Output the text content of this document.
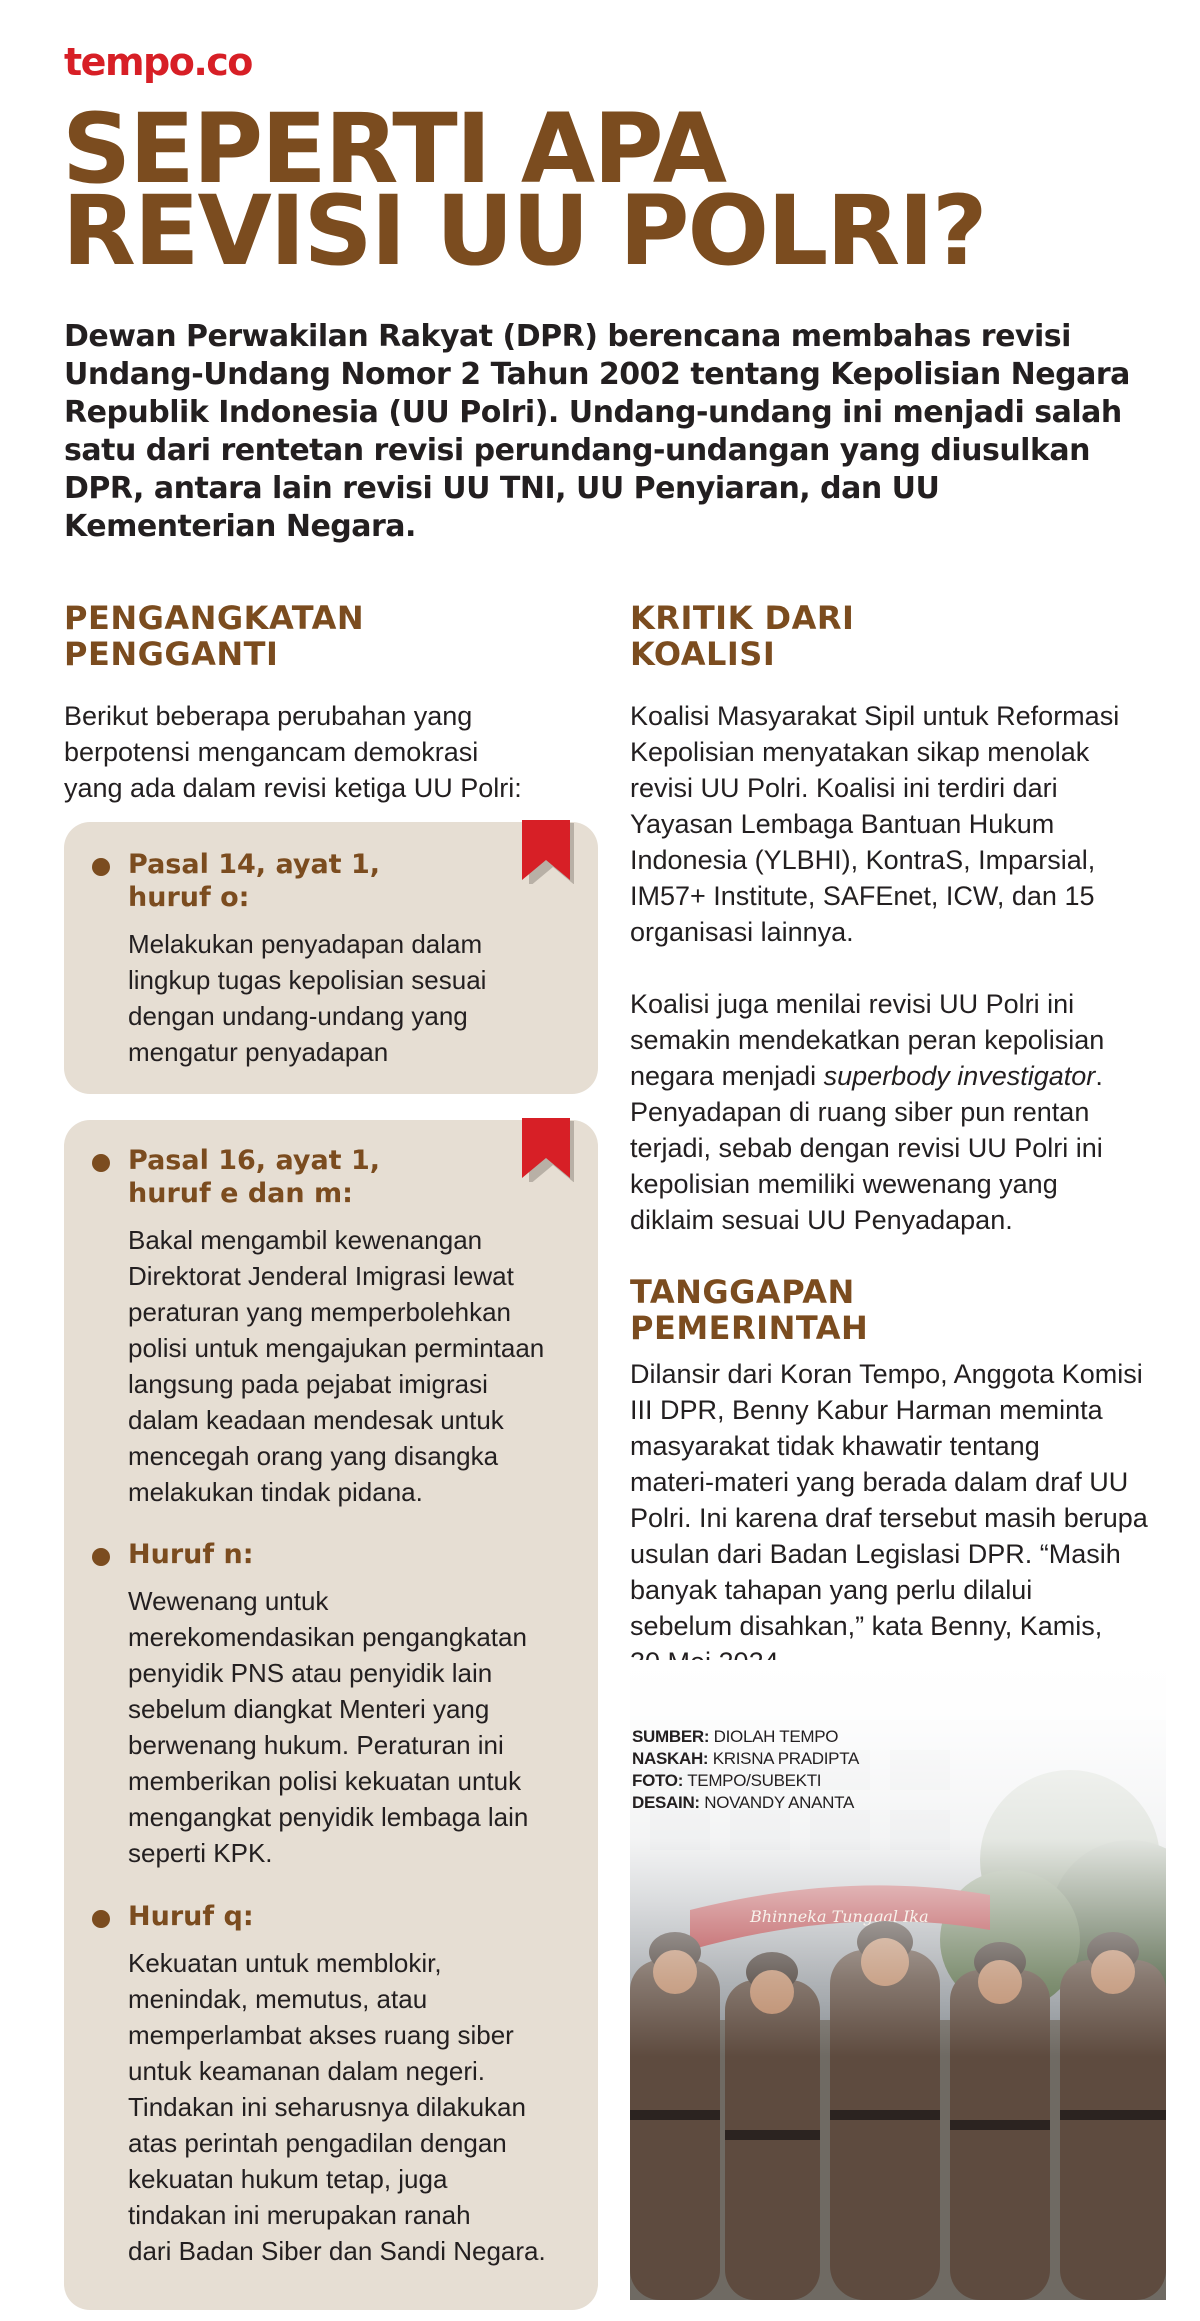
tempo.co
SEPERTI APA
REVISI UU POLRI?

Dewan Perwakilan Rakyat (DPR) berencana membahas revisi Undang-Undang Nomor 2 Tahun 2002 tentang Kepolisian Negara Republik Indonesia (UU Polri). Undang-undang ini menjadi salah satu dari rentetan revisi perundang-undangan yang diusulkan DPR, antara lain revisi UU TNI, UU Penyiaran, dan UU Kementerian Negara.

PENGANGKATAN
PENGGANTI

Berikut beberapa perubahan yang
berpotensi mengancam demokrasi
yang ada dalam revisi ketiga UU Polri:

Pasal 14, ayat 1,
huruf o:
Melakukan penyadapan dalam
lingkup tugas kepolisian sesuai
dengan undang-undang yang
mengatur penyadapan
Pasal 16, ayat 1,
huruf e dan m:
Bakal mengambil kewenangan
Direktorat Jenderal Imigrasi lewat
peraturan yang memperbolehkan
polisi untuk mengajukan permintaan
langsung pada pejabat imigrasi
dalam keadaan mendesak untuk
mencegah orang yang disangka
melakukan tindak pidana.
Huruf n:
Wewenang untuk
merekomendasikan pengangkatan
penyidik PNS atau penyidik lain
sebelum diangkat Menteri yang
berwenang hukum. Peraturan ini
memberikan polisi kekuatan untuk
mengangkat penyidik lembaga lain
seperti KPK.
Huruf q:
Kekuatan untuk memblokir,
menindak, memutus, atau
memperlambat akses ruang siber
untuk keamanan dalam negeri.
Tindakan ini seharusnya dilakukan
atas perintah pengadilan dengan
kekuatan hukum tetap, juga
tindakan ini merupakan ranah
dari Badan Siber dan Sandi Negara.
KRITIK DARI
KOALISI

Koalisi Masyarakat Sipil untuk Reformasi
Kepolisian menyatakan sikap menolak
revisi UU Polri. Koalisi ini terdiri dari
Yayasan Lembaga Bantuan Hukum
Indonesia (YLBHI), KontraS, Imparsial,
IM57+ Institute, SAFEnet, ICW, dan 15
organisasi lainnya.

Koalisi juga menilai revisi UU Polri ini
semakin mendekatkan peran kepolisian
negara menjadi superbody investigator.
Penyadapan di ruang siber pun rentan
terjadi, sebab dengan revisi UU Polri ini
kepolisian memiliki wewenang yang
diklaim sesuai UU Penyadapan.

TANGGAPAN
PEMERINTAH

Dilansir dari Koran Tempo, Anggota Komisi
III DPR, Benny Kabur Harman meminta
masyarakat tidak khawatir tentang
materi-materi yang berada dalam draf UU
Polri. Ini karena draf tersebut masih berupa
usulan dari Badan Legislasi DPR. “Masih
banyak tahapan yang perlu dilalui
sebelum disahkan,” kata Benny, Kamis,

SUMBER: DIOLAH TEMPO
NASKAH: KRISNA PRADIPTA
FOTO: TEMPO/SUBEKTI
DESAIN: NOVANDY ANANTA
